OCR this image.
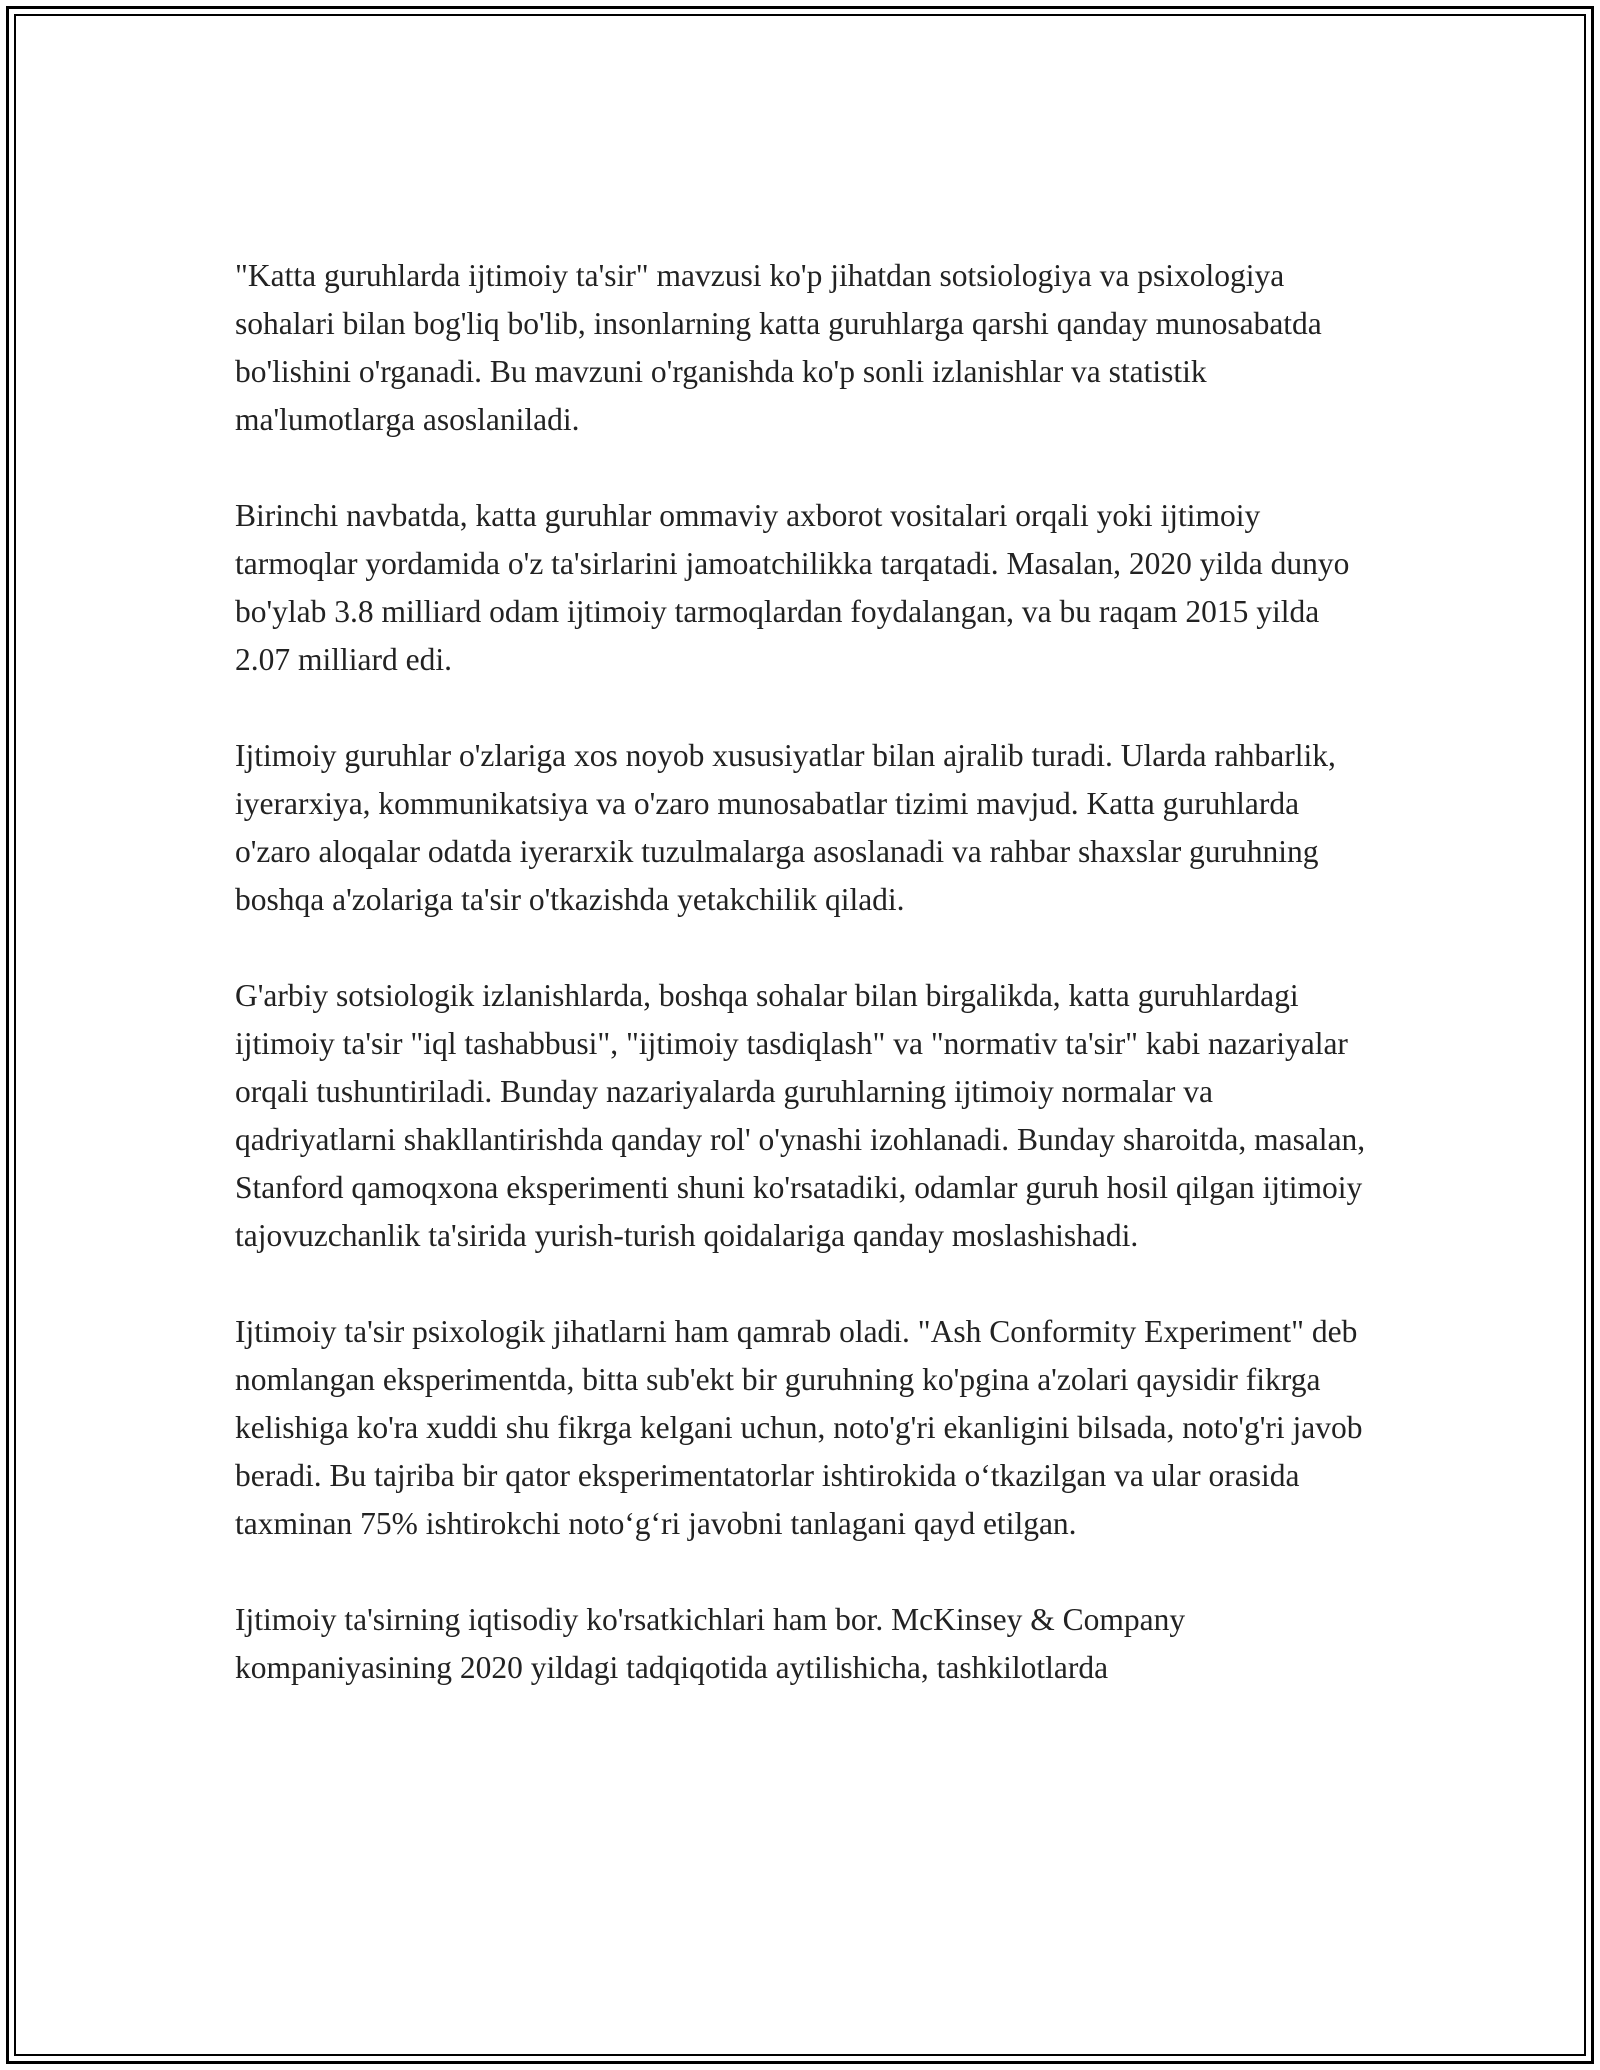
"Katta guruhlarda ijtimoiy ta'sir" mavzusi ko'p jihatdan sotsiologiya va psixologiya sohalari bilan bog'liq bo'lib, insonlarning katta guruhlarga qarshi qanday munosabatda bo'lishini o'rganadi. Bu mavzuni o'rganishda ko'p sonli izlanishlar va statistik ma'lumotlarga asoslaniladi.

Birinchi navbatda, katta guruhlar ommaviy axborot vositalari orqali yoki ijtimoiy tarmoqlar yordamida o'z ta'sirlarini jamoatchilikka tarqatadi. Masalan, 2020 yilda dunyo bo'ylab 3.8 milliard odam ijtimoiy tarmoqlardan foydalangan, va bu raqam 2015 yilda 2.07 milliard edi.

Ijtimoiy guruhlar o'zlariga xos noyob xususiyatlar bilan ajralib turadi. Ularda rahbarlik, iyerarxiya, kommunikatsiya va o'zaro munosabatlar tizimi mavjud. Katta guruhlarda o'zaro aloqalar odatda iyerarxik tuzulmalarga asoslanadi va rahbar shaxslar guruhning boshqa a'zolariga ta'sir o'tkazishda yetakchilik qiladi.

G'arbiy sotsiologik izlanishlarda, boshqa sohalar bilan birgalikda, katta guruhlardagi ijtimoiy ta'sir "iql tashabbusi", "ijtimoiy tasdiqlash" va "normativ ta'sir" kabi nazariyalar orqali tushuntiriladi. Bunday nazariyalarda guruhlarning ijtimoiy normalar va qadriyatlarni shakllantirishda qanday rol' o'ynashi izohlanadi. Bunday sharoitda, masalan, Stanford qamoqxona eksperimenti shuni ko'rsatadiki, odamlar guruh hosil qilgan ijtimoiy tajovuzchanlik ta'sirida yurish-turish qoidalariga qanday moslashishadi.

Ijtimoiy ta'sir psixologik jihatlarni ham qamrab oladi. "Ash Conformity Experiment" deb nomlangan eksperimentda, bitta sub'ekt bir guruhning ko'pgina a'zolari qaysidir fikrga kelishiga ko'ra xuddi shu fikrga kelgani uchun, noto'g'ri ekanligini bilsada, noto'g'ri javob beradi. Bu tajriba bir qator eksperimentatorlar ishtirokida o‘tkazilgan va ular orasida taxminan 75% ishtirokchi noto‘g‘ri javobni tanlagani qayd etilgan.

Ijtimoiy ta'sirning iqtisodiy ko'rsatkichlari ham bor. McKinsey & Company kompaniyasining 2020 yildagi tadqiqotida aytilishicha, tashkilotlarda
